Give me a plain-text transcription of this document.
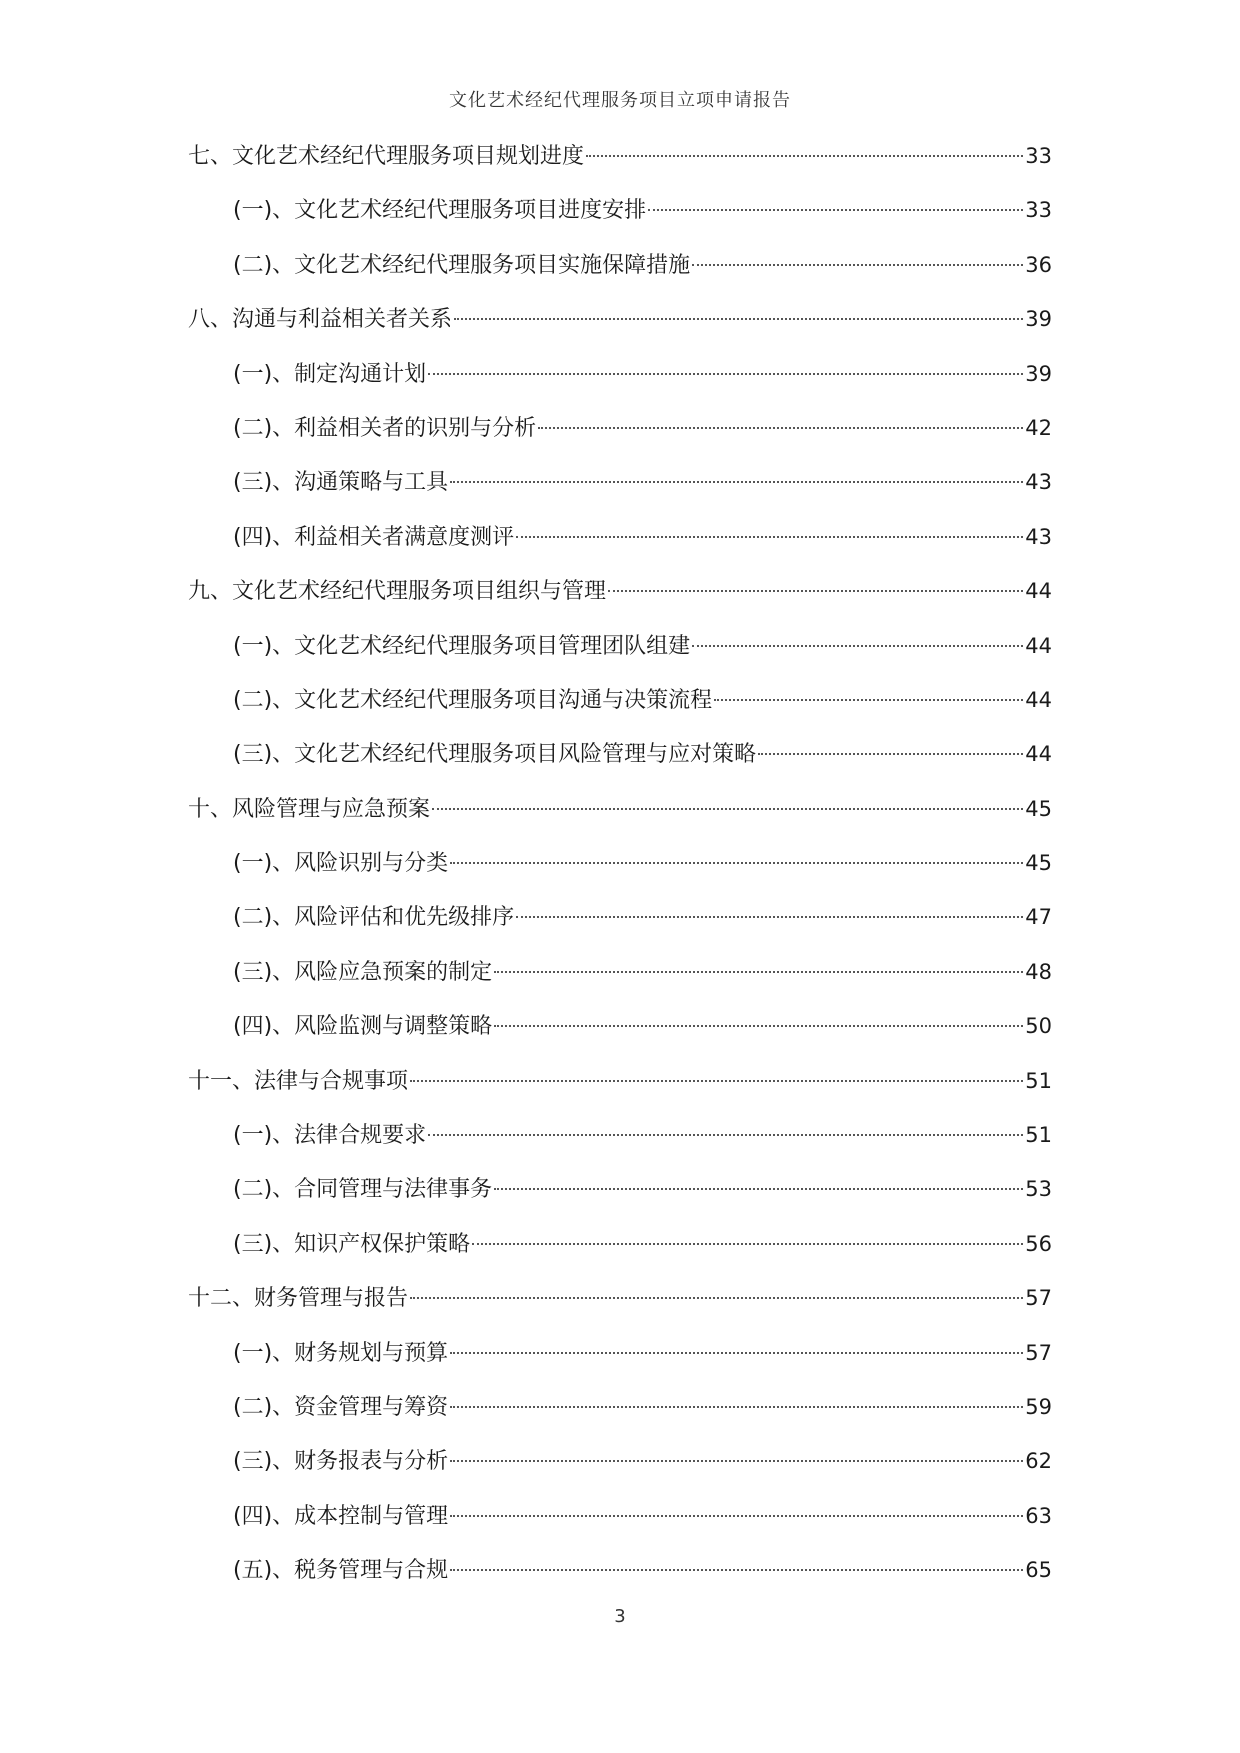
文化艺术经纪代理服务项目立项申请报告
七、文化艺术经纪代理服务项目规划进度	33
(一)、文化艺术经纪代理服务项目进度安排	33
(二)、文化艺术经纪代理服务项目实施保障措施	36
八、沟通与利益相关者关系	39
(一)、制定沟通计划	39
(二)、利益相关者的识别与分析	42
(三)、沟通策略与工具	43
(四)、利益相关者满意度测评	43
九、文化艺术经纪代理服务项目组织与管理	44
(一)、文化艺术经纪代理服务项目管理团队组建	44
(二)、文化艺术经纪代理服务项目沟通与决策流程	44
(三)、文化艺术经纪代理服务项目风险管理与应对策略	44
十、风险管理与应急预案	45
(一)、风险识别与分类	45
(二)、风险评估和优先级排序	47
(三)、风险应急预案的制定	48
(四)、风险监测与调整策略	50
十一、法律与合规事项	51
(一)、法律合规要求	51
(二)、合同管理与法律事务	53
(三)、知识产权保护策略	56
十二、财务管理与报告	57
(一)、财务规划与预算	57
(二)、资金管理与筹资	59
(三)、财务报表与分析	62
(四)、成本控制与管理	63
(五)、税务管理与合规	65
3
